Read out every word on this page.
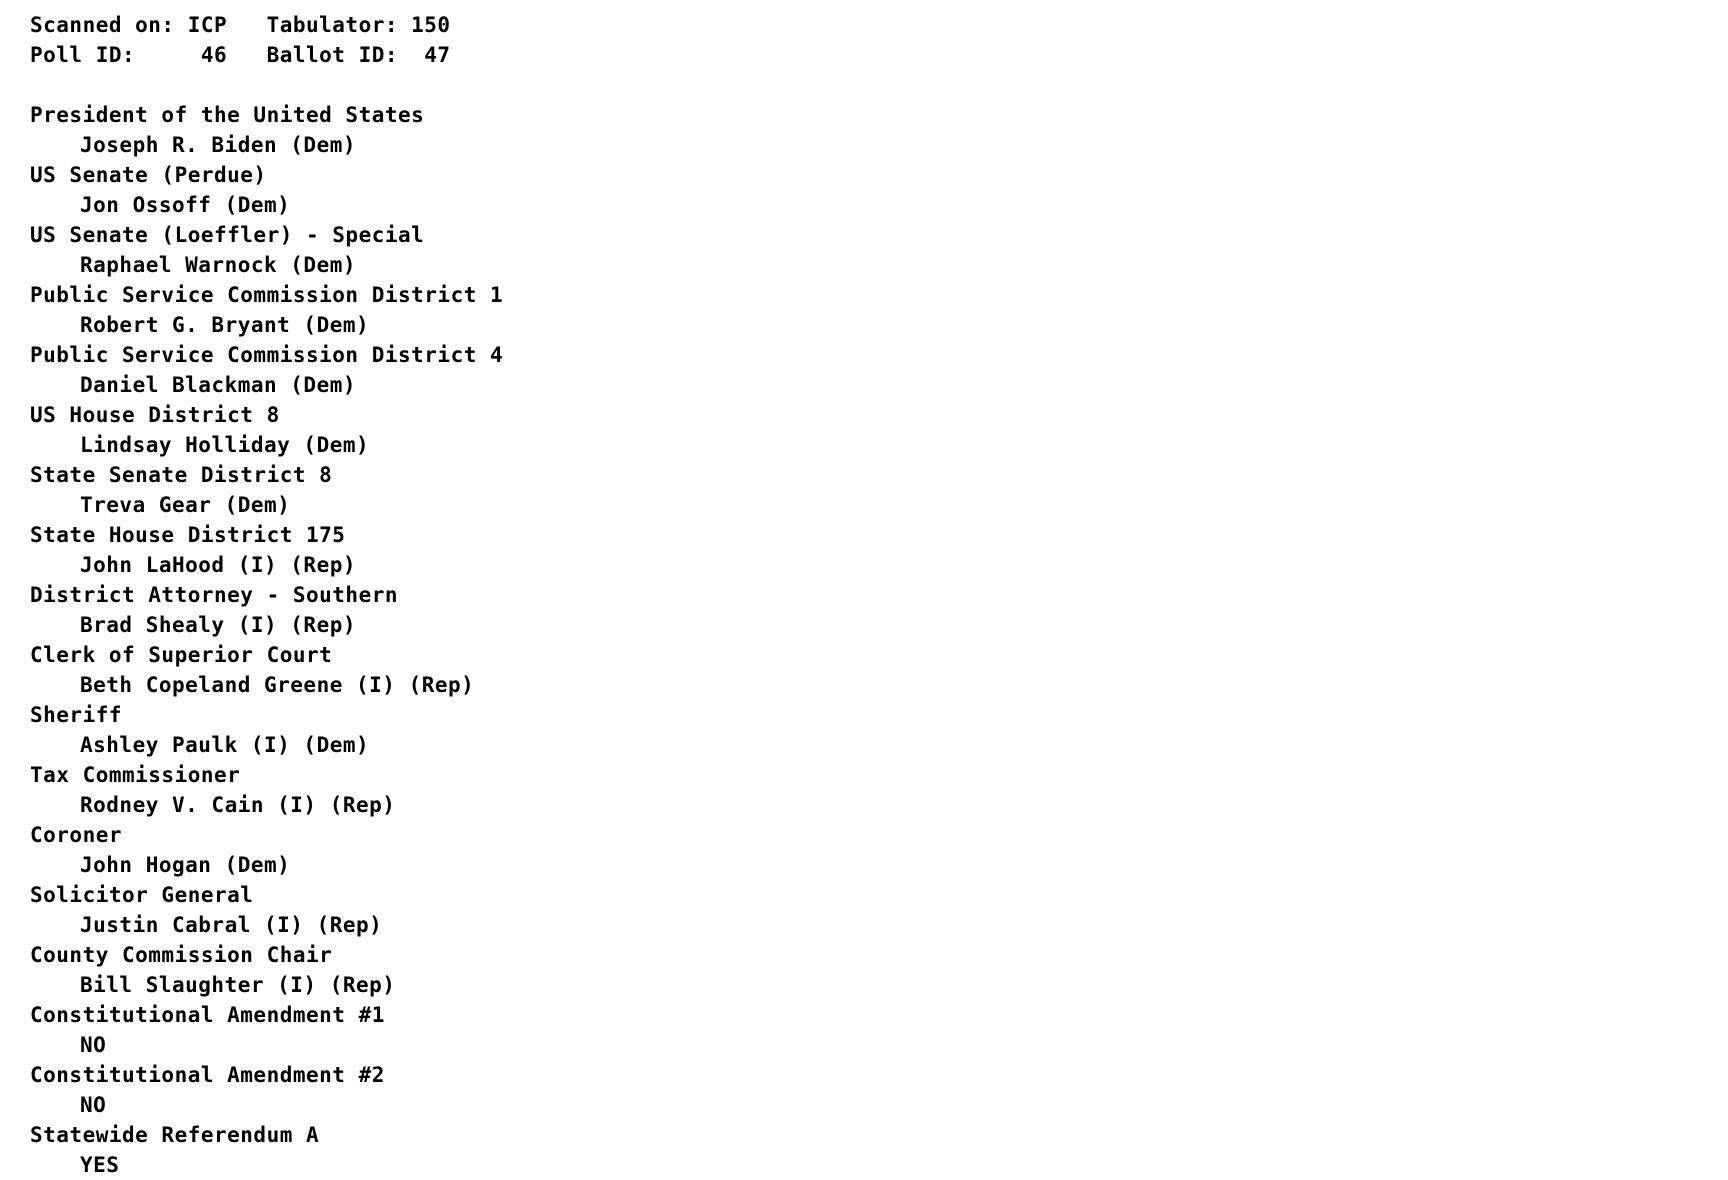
Scanned on: ICP   Tabulator: 150
Poll ID:     46   Ballot ID:  47
President of the United States
Joseph R. Biden (Dem)
US Senate (Perdue)
Jon Ossoff (Dem)
US Senate (Loeffler) - Special
Raphael Warnock (Dem)
Public Service Commission District 1
Robert G. Bryant (Dem)
Public Service Commission District 4
Daniel Blackman (Dem)
US House District 8
Lindsay Holliday (Dem)
State Senate District 8
Treva Gear (Dem)
State House District 175
John LaHood (I) (Rep)
District Attorney - Southern
Brad Shealy (I) (Rep)
Clerk of Superior Court
Beth Copeland Greene (I) (Rep)
Sheriff
Ashley Paulk (I) (Dem)
Tax Commissioner
Rodney V. Cain (I) (Rep)
Coroner
John Hogan (Dem)
Solicitor General
Justin Cabral (I) (Rep)
County Commission Chair
Bill Slaughter (I) (Rep)
Constitutional Amendment #1
NO
Constitutional Amendment #2
NO
Statewide Referendum A
YES
